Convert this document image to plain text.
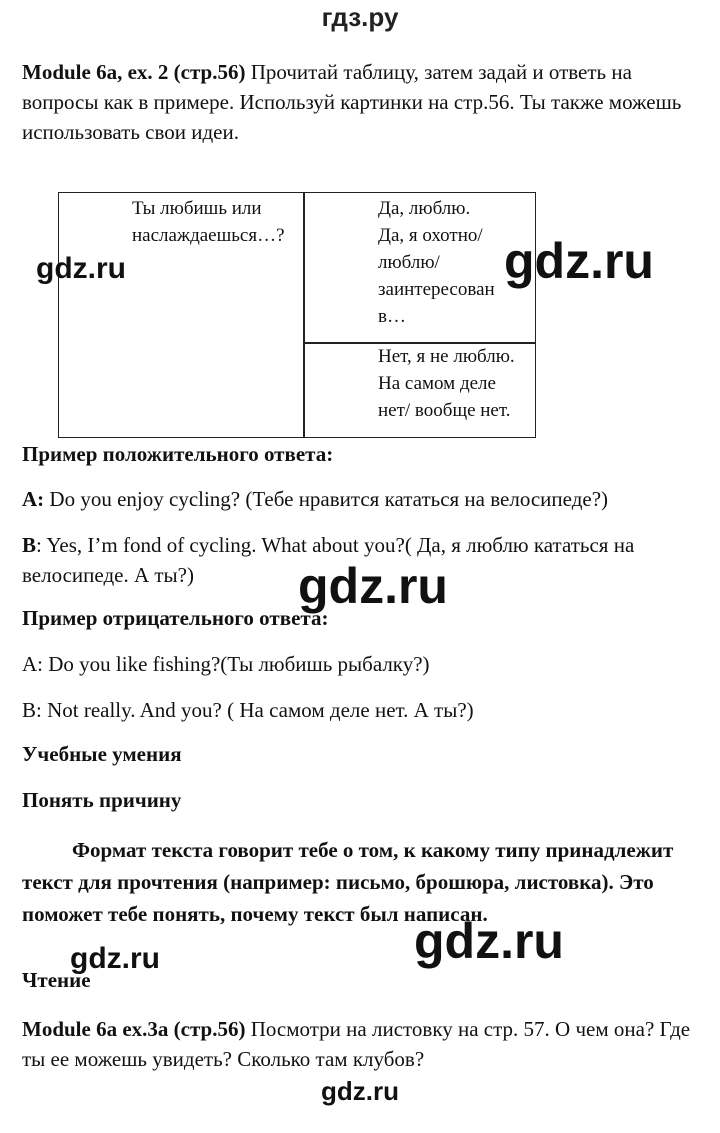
гдз.ру
Module 6a, ex. 2 (стр.56) Прочитай таблицу, затем задай и ответь на вопросы как в примере. Используй картинки на стр.56. Ты также можешь использовать свои идеи.
Ты любишь или
наслаждаешься…?
Да, люблю.
Да, я охотно/
люблю/
заинтересован
в…
Нет, я не люблю.
На самом деле
нет/ вообще нет.
Пример положительного ответа:
A: Do you enjoy cycling? (Тебе нравится кататься на велосипеде?)
B: Yes, I’m fond of cycling. What about you?( Да, я люблю кататься на велосипеде. А ты?)
Пример отрицательного ответа:
A: Do you like fishing?(Ты любишь рыбалку?)
B: Not really. And you? ( На самом деле нет. А ты?)
Учебные умения
Понять причину
Формат текста говорит тебе о том, к какому типу принадлежит текст для прочтения (например: письмо, брошюра, листовка). Это поможет тебе понять, почему текст был написан.
Чтение
Module 6a ex.3a (стр.56) Посмотри на листовку на стр. 57. О чем она? Где ты ее можешь увидеть? Сколько там клубов?
gdz.ru	gdz.ru
gdz.ru
gdz.ru
gdz.ru
gdz.ru
